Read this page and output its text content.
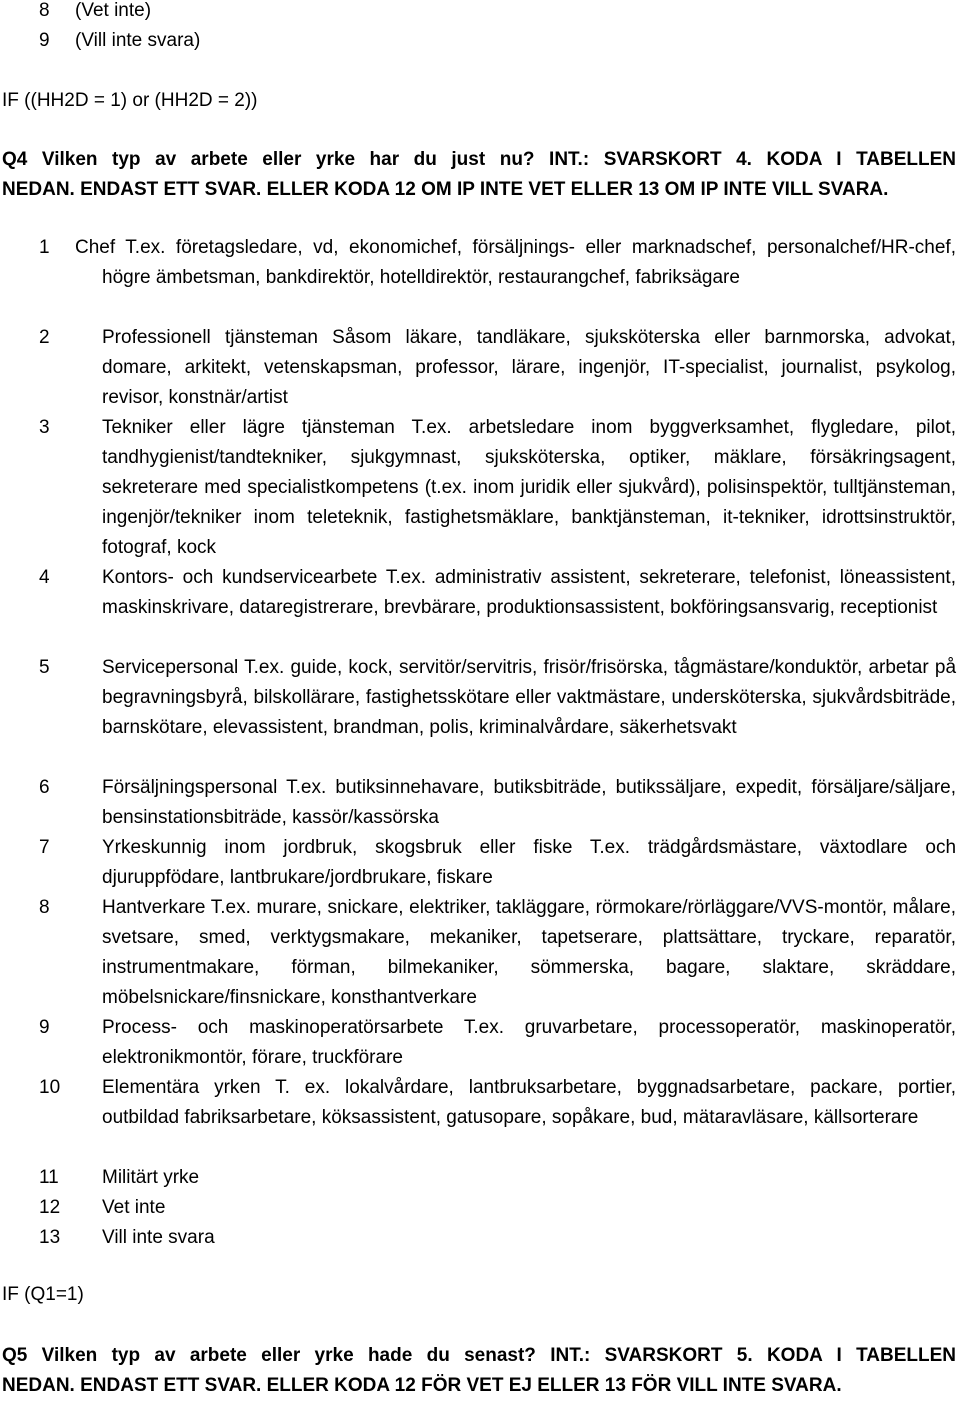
8 (Vet inte)
9 (Vill inte svara)
IF ((HH2D = 1) or (HH2D = 2))
Q4 Vilken typ av arbete eller yrke har du just nu? INT.: SVARSKORT 4. KODA I TABELLEN
NEDAN. ENDAST ETT SVAR. ELLER KODA 12 OM IP INTE VET ELLER 13 OM IP INTE VILL SVARA.
1	Chef T.ex. företagsledare, vd, ekonomichef, försäljnings- eller marknadschef, personalchef/HR-chef, högre ämbetsman, bankdirektör, hotelldirektör, restaurangchef, fabriksägare
2	Professionell tjänsteman Såsom läkare, tandläkare, sjuksköterska eller barnmorska, advokat, domare, arkitekt, vetenskapsman, professor, lärare, ingenjör, IT-specialist, journalist, psykolog, revisor, konstnär/artist
3	Tekniker eller lägre tjänsteman T.ex. arbetsledare inom byggverksamhet, flygledare, pilot, tandhygienist/tandtekniker, sjukgymnast, sjuksköterska, optiker, mäklare, försäkringsagent, sekreterare med specialistkompetens (t.ex. inom juridik eller sjukvård), polisinspektör, tulltjänsteman, ingenjör/tekniker inom teleteknik, fastighetsmäklare, banktjänsteman, it-tekniker, idrottsinstruktör, fotograf, kock
4	Kontors- och kundservicearbete T.ex. administrativ assistent, sekreterare, telefonist, löneassistent, maskinskrivare, dataregistrerare, brevbärare, produktionsassistent, bokföringsansvarig, receptionist
5	Servicepersonal T.ex. guide, kock, servitör/servitris, frisör/frisörska, tågmästare/konduktör, arbetar på begravningsbyrå, bilskollärare, fastighetsskötare eller vaktmästare, undersköterska, sjukvårdsbiträde, barnskötare, elevassistent, brandman, polis, kriminalvårdare, säkerhetsvakt
6	Försäljningspersonal T.ex. butiksinnehavare, butiksbiträde, butikssäljare, expedit, försäljare/säljare, bensinstationsbiträde, kassör/kassörska
7	Yrkeskunnig inom jordbruk, skogsbruk eller fiske T.ex. trädgårdsmästare, växtodlare och djuruppfödare, lantbrukare/jordbrukare, fiskare
8	Hantverkare T.ex. murare, snickare, elektriker, takläggare, rörmokare/rörläggare/VVS-montör, målare, svetsare, smed, verktygsmakare, mekaniker, tapetserare, plattsättare, tryckare, reparatör, instrumentmakare, förman, bilmekaniker, sömmerska, bagare, slaktare, skräddare, möbelsnickare/finsnickare, konsthantverkare
9	Process- och maskinoperatörsarbete T.ex. gruvarbetare, processoperatör, maskinoperatör, elektronikmontör, förare, truckförare
10	Elementära yrken T. ex. lokalvårdare, lantbruksarbetare, byggnadsarbetare, packare, portier, outbildad fabriksarbetare, köksassistent, gatusopare, sopåkare, bud, mätaravläsare, källsorterare
11	Militärt yrke
12	Vet inte
13	Vill inte svara
IF (Q1=1)
Q5 Vilken typ av arbete eller yrke hade du senast? INT.: SVARSKORT 5. KODA I TABELLEN
NEDAN. ENDAST ETT SVAR. ELLER KODA 12 FÖR VET EJ ELLER 13 FÖR VILL INTE SVARA.
